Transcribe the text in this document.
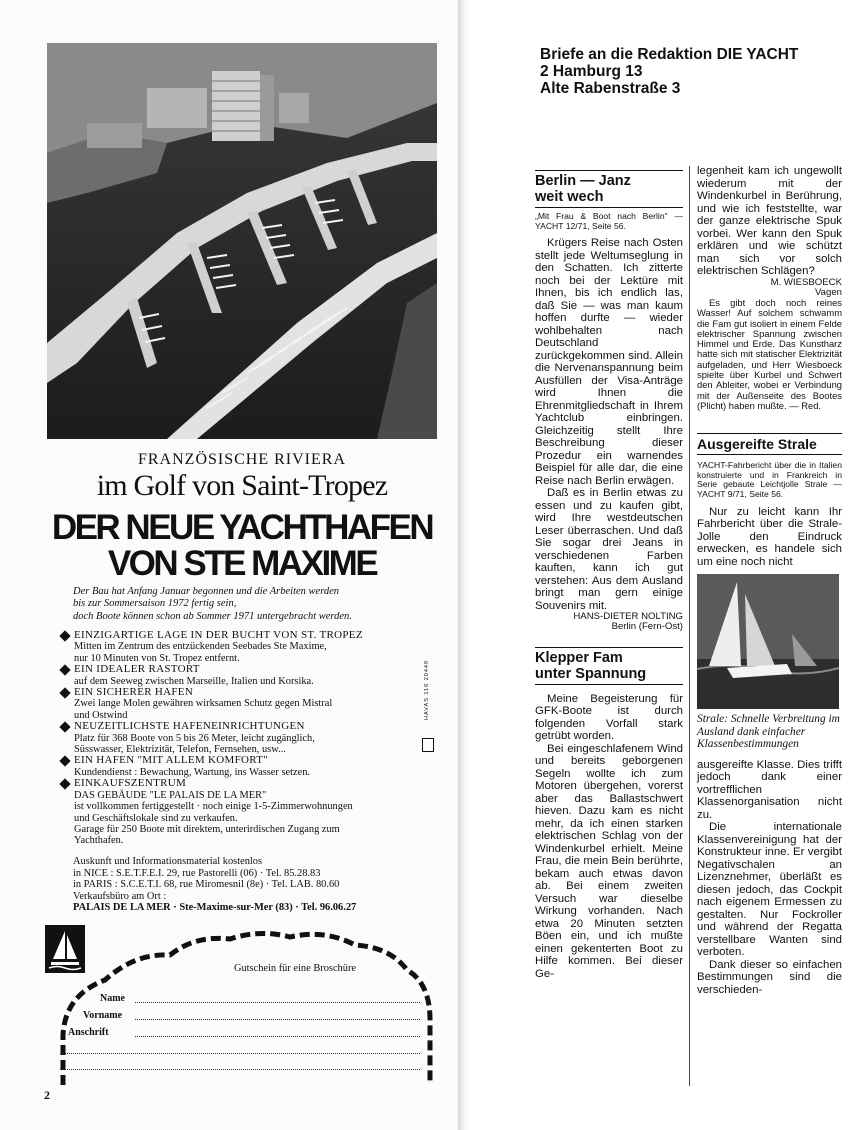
FRANZÖSISCHE RIVIERA
im Golf von Saint-Tropez
DER NEUE YACHTHAFEN
VON STE MAXIME
Der Bau hat Anfang Januar begonnen und die Arbeiten werden
bis zur Sommersaison 1972 fertig sein,
doch Boote können schon ab Sommer 1971 untergebracht werden.
EINZIGARTIGE LAGE IN DER BUCHT VON ST. TROPEZ
Mitten im Zentrum des entzückenden Seebades Ste Maxime,
nur 10 Minuten von St. Tropez entfernt.
EIN IDEALER RASTORT
auf dem Seeweg zwischen Marseille, Italien und Korsika.
EIN SICHERER HAFEN
Zwei lange Molen gewähren wirksamen Schutz gegen Mistral
und Ostwind
NEUZEITLICHSTE HAFENEINRICHTUNGEN
Platz für 368 Boote von 5 bis 26 Meter, leicht zugänglich,
Süsswasser, Elektrizität, Telefon, Fernsehen, usw...
EIN HAFEN "MIT ALLEM KOMFORT"
Kundendienst : Bewachung, Wartung, ins Wasser setzen.
EINKAUFSZENTRUM
DAS GEBÄUDE "LE PALAIS DE LA MER"
ist vollkommen fertiggestellt · noch einige 1-5-Zimmerwohnungen
und Geschäftslokale sind zu verkaufen.
Garage für 250 Boote mit direktem, unterirdischen Zugang zum
Yachthafen.
Auskunft und Informationsmaterial kostenlos
in NICE : S.E.T.F.E.I. 29, rue Pastorelli (06) · Tel. 85.28.83
in PARIS : S.C.E.T.I. 68, rue Miromesnil (8e) · Tel. LAB. 80.60
Verkaufsbüro am Ort :
PALAIS DE LA MER · Ste-Maxime-sur-Mer (83) · Tel. 96.06.27
HAVAS 116 20449
Gutschein für eine Broschüre
Name
Vorname
Anschrift
2
Briefe an die Redaktion DIE YACHT
2 Hamburg 13
Alte Rabenstraße 3
Berlin — Janz
weit wech
„Mit Frau & Boot nach Berlin" — YACHT 12/71, Seite 56.
Krügers Reise nach Osten stellt jede Weltumseglung in den Schatten. Ich zitterte noch bei der Lektüre mit Ihnen, bis ich endlich las, daß Sie — was man kaum hoffen durfte — wieder wohlbehalten nach Deutschland zurückgekommen sind. Allein die Nervenanspannung beim Ausfüllen der Visa-Anträge wird Ihnen die Ehrenmitgliedschaft in Ihrem Yachtclub einbringen. Gleichzeitig stellt Ihre Beschreibung dieser Prozedur ein warnendes Beispiel für alle dar, die eine Reise nach Berlin erwägen.
Daß es in Berlin etwas zu essen und zu kaufen gibt, wird Ihre westdeutschen Leser überraschen. Und daß Sie sogar drei Jeans in verschiedenen Farben kauften, kann ich gut verstehen: Aus dem Ausland bringt man gern einige Souvenirs mit.
HANS-DIETER NOLTING
Berlin (Fern-Ost)
Klepper Fam
unter Spannung
Meine Begeisterung für GFK-Boote ist durch folgenden Vorfall stark getrübt worden.
Bei eingeschlafenem Wind und bereits geborgenen Segeln wollte ich zum Motoren übergehen, vorerst aber das Ballastschwert hieven. Dazu kam es nicht mehr, da ich einen starken elektrischen Schlag von der Windenkurbel erhielt. Meine Frau, die mein Bein berührte, bekam auch etwas davon ab. Bei einem zweiten Versuch war dieselbe Wirkung vorhanden. Nach etwa 20 Minuten setzten Böen ein, und ich mußte einen gekenterten Boot zu Hilfe kommen. Bei dieser Ge-
legenheit kam ich ungewollt wiederum mit der Windenkurbel in Berührung, und wie ich feststellte, war der ganze elektrische Spuk vorbei. Wer kann den Spuk erklären und wie schützt man sich vor solch elektrischen Schlägen?
M. WIESBOECK
Vagen
Es gibt doch noch reines Wasser! Auf solchem schwamm die Fam gut isoliert in einem Felde elektrischer Spannung zwischen Himmel und Erde. Das Kunstharz hatte sich mit statischer Elektrizität aufgeladen, und Herr Wiesboeck spielte über Kurbel und Schwert den Ableiter, wobei er Verbindung mit der Außenseite des Bootes (Plicht) haben mußte. — Red.
Ausgereifte Strale
YACHT-Fahrbericht über die in Italien konstruierte und in Frankreich in Serie gebaute Leichtjolle Strale — YACHT 9/71, Seite 56.
Nur zu leicht kann Ihr Fahrbericht über die Strale-Jolle den Eindruck erwecken, es handele sich um eine noch nicht
Strale: Schnelle Verbreitung im Ausland dank einfacher Klassenbestimmungen
ausgereifte Klasse. Dies trifft jedoch dank einer vortrefflichen Klassenorganisation nicht zu.
Die internationale Klassenvereinigung hat der Konstrukteur inne. Er vergibt Negativschalen an Lizenznehmer, überläßt es diesen jedoch, das Cockpit nach eigenem Ermessen zu gestalten. Nur Fockroller und während der Regatta verstellbare Wanten sind verboten.
Dank dieser so einfachen Bestimmungen sind die verschieden-
